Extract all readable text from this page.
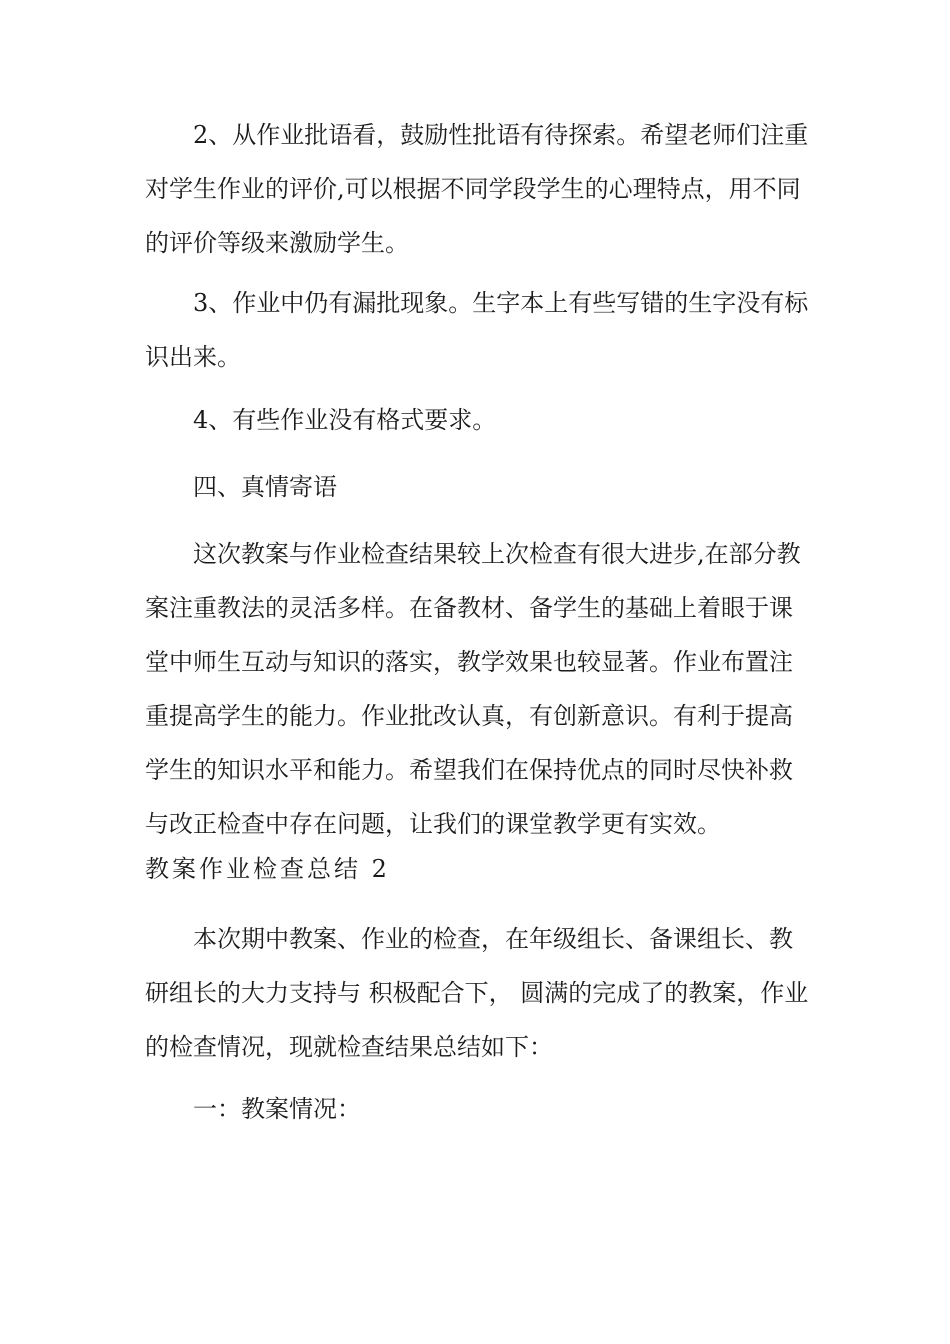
2、从作业批语看，鼓励性批语有待探索。希望老师们注重对学生作业的评价,可以根据不同学段学生的心理特点，用不同的评价等级来激励学生。

3、作业中仍有漏批现象。生字本上有些写错的生字没有标识出来。

4、有些作业没有格式要求。

四、真情寄语

这次教案与作业检查结果较上次检查有很大进步,在部分教案注重教法的灵活多样。在备教材、备学生的基础上着眼于课堂中师生互动与知识的落实，教学效果也较显著。作业布置注重提高学生的能力。作业批改认真，有创新意识。有利于提高学生的知识水平和能力。希望我们在保持优点的同时尽快补救与改正检查中存在问题，让我们的课堂教学更有实效。

教案作业检查总结 2

本次期中教案、作业的检查，在年级组长、备课组长、教研组长的大力支持与 积极配合下， 圆满的完成了的教案，作业的检查情况，现就检查结果总结如下：

一：教案情况：
